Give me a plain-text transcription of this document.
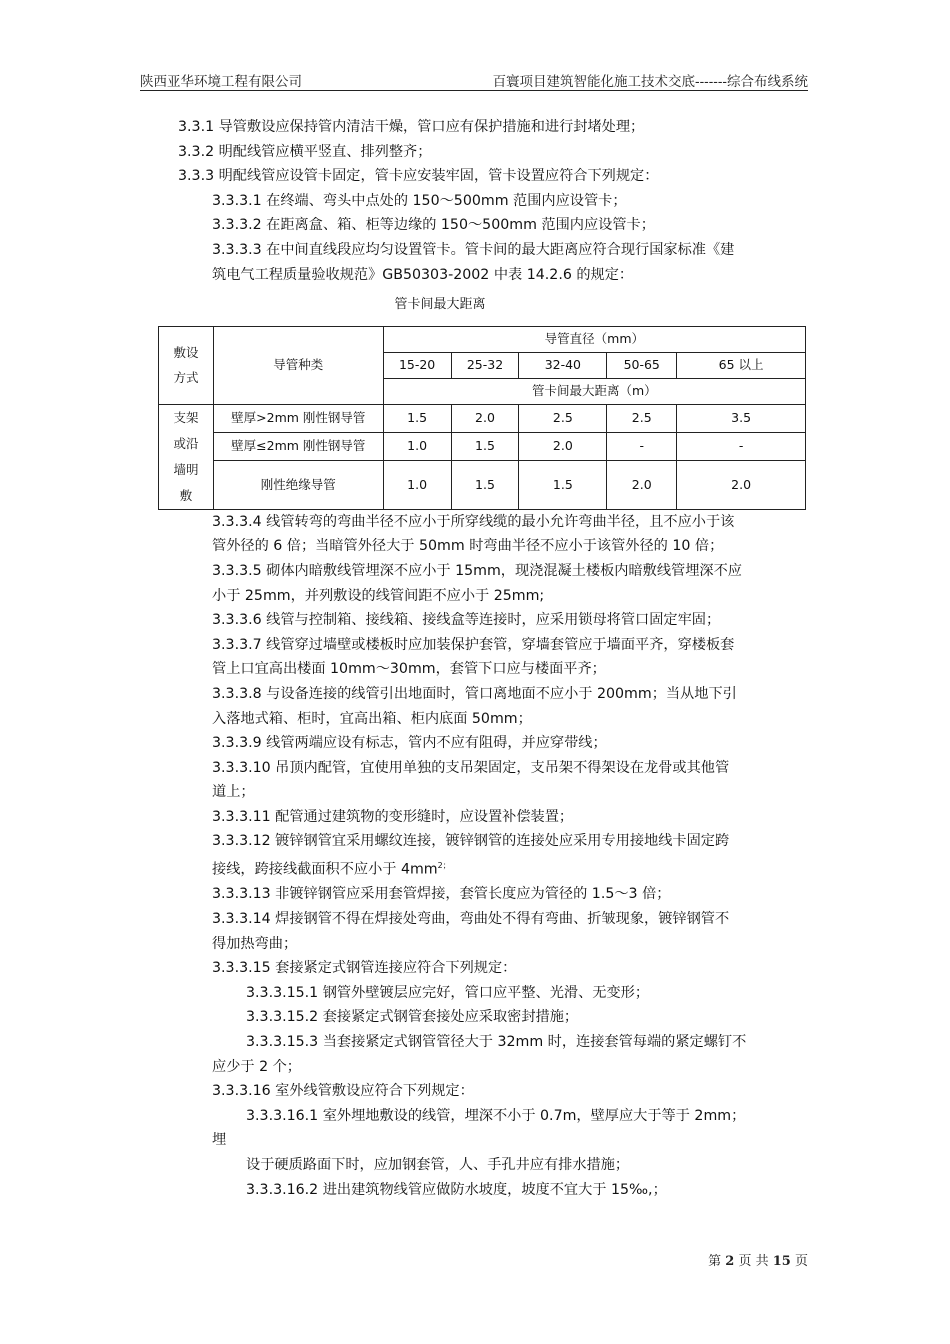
陕西亚华环境工程有限公司	百寰项目建筑智能化施工技术交底-------综合布线系统
3.3.1 导管敷设应保持管内清洁干燥，管口应有保护措施和进行封堵处理；
3.3.2 明配线管应横平竖直、排列整齐；
3.3.3 明配线管应设管卡固定，管卡应安装牢固，管卡设置应符合下列规定：
3.3.3.1 在终端、弯头中点处的 150～500mm 范围内应设管卡；
3.3.3.2 在距离盒、箱、柜等边缘的 150～500mm 范围内应设管卡；
3.3.3.3 在中间直线段应均匀设置管卡。管卡间的最大距离应符合现行国家标准《建
筑电气工程质量验收规范》GB50303-2002 中表 14.2.6 的规定：
管卡间最大距离
敷设方式	导管种类	导管直径（mm）				
		15-20	25-32	32-40	50-65	65 以上
		管卡间最大距离（m）				

支架或沿墙明敷	壁厚>2mm 刚性钢导管	1.5	2.0	2.5	2.5	3.5
	壁厚≤2mm 刚性钢导管	1.0	1.5	2.0	-	-
	刚性绝缘导管	1.0	1.5	1.5	2.0	2.0
3.3.3.4 线管转弯的弯曲半径不应小于所穿线缆的最小允许弯曲半径，且不应小于该
管外径的 6 倍；当暗管外径大于 50mm 时弯曲半径不应小于该管外径的 10 倍；
3.3.3.5 砌体内暗敷线管埋深不应小于 15mm，现浇混凝土楼板内暗敷线管埋深不应
小于 25mm，并列敷设的线管间距不应小于 25mm;
3.3.3.6 线管与控制箱、接线箱、接线盒等连接时，应采用锁母将管口固定牢固；
3.3.3.7 线管穿过墙壁或楼板时应加装保护套管，穿墙套管应于墙面平齐，穿楼板套
管上口宜高出楼面 10mm～30mm，套管下口应与楼面平齐；
3.3.3.8 与设备连接的线管引出地面时，管口离地面不应小于 200mm；当从地下引
入落地式箱、柜时，宜高出箱、柜内底面 50mm；
3.3.3.9 线管两端应设有标志，管内不应有阻碍，并应穿带线；
3.3.3.10 吊顶内配管，宜使用单独的支吊架固定，支吊架不得架设在龙骨或其他管
道上；
3.3.3.11 配管通过建筑物的变形缝时，应设置补偿装置；
3.3.3.12 镀锌钢管宜采用螺纹连接，镀锌钢管的连接处应采用专用接地线卡固定跨
接线，跨接线截面积不应小于 $4mm^{2;}$
3.3.3.13 非镀锌钢管应采用套管焊接，套管长度应为管径的 1.5～3 倍；
3.3.3.14 焊接钢管不得在焊接处弯曲，弯曲处不得有弯曲、折皱现象，镀锌钢管不
得加热弯曲；
3.3.3.15 套接紧定式钢管连接应符合下列规定：
3.3.3.15.1 钢管外壁镀层应完好，管口应平整、光滑、无变形；
3.3.3.15.2 套接紧定式钢管套接处应采取密封措施；
3.3.3.15.3 当套接紧定式钢管管径大于 32mm 时，连接套管每端的紧定螺钉不
应少于 2 个；
3.3.3.16 室外线管敷设应符合下列规定：
3.3.3.16.1 室外埋地敷设的线管，埋深不小于 0.7m，壁厚应大于等于 2mm；
埋
设于硬质路面下时，应加钢套管，人、手孔井应有排水措施；
3.3.3.16.2 进出建筑物线管应做防水坡度，坡度不宜大于 15‰,；
第 2 页 共 15 页
